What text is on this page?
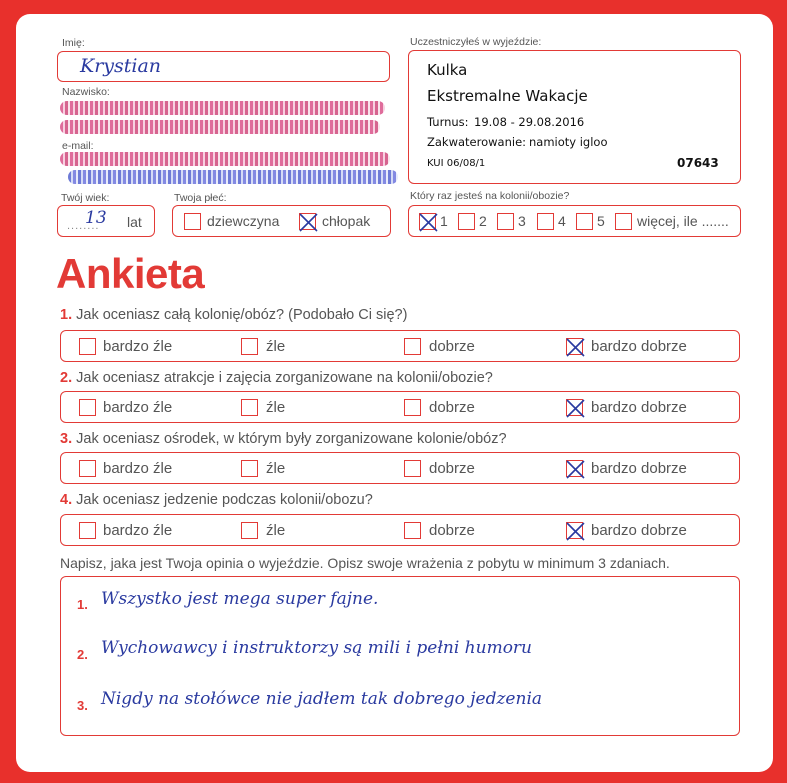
Imię:
Krystian
Nazwisko:
e-mail:
Twój wiek:
........
13 lat
Twoja płeć:
dziewczyna	chłopak
Uczestniczyłeś w wyjeździe:
Kulka
Ekstremalne Wakacje
Turnus: 19.08 - 29.08.2016
Zakwaterowanie: namioty igloo
KUI 06/08/1	07643
Który raz jesteś na kolonii/obozie?
1 2 3 4 5 więcej, ile .......
Ankieta
1. Jak oceniasz całą kolonię/obóz? (Podobało Ci się?)
bardzo źle	źle	dobrze	bardzo dobrze
2. Jak oceniasz atrakcje i zajęcia zorganizowane na kolonii/obozie?
bardzo źle	źle	dobrze	bardzo dobrze
3. Jak oceniasz ośrodek, w którym były zorganizowane kolonie/obóz?
bardzo źle	źle	dobrze	bardzo dobrze
4. Jak oceniasz jedzenie podczas kolonii/obozu?
bardzo źle	źle	dobrze	bardzo dobrze
Napisz, jaka jest Twoja opinia o wyjeździe. Opisz swoje wrażenia z pobytu w minimum 3 zdaniach.
1. Wszystko jest mega super fajne.
2. Wychowawcy i instruktorzy są mili i pełni humoru
3. Nigdy na stołówce nie jadłem tak dobrego jedzenia
